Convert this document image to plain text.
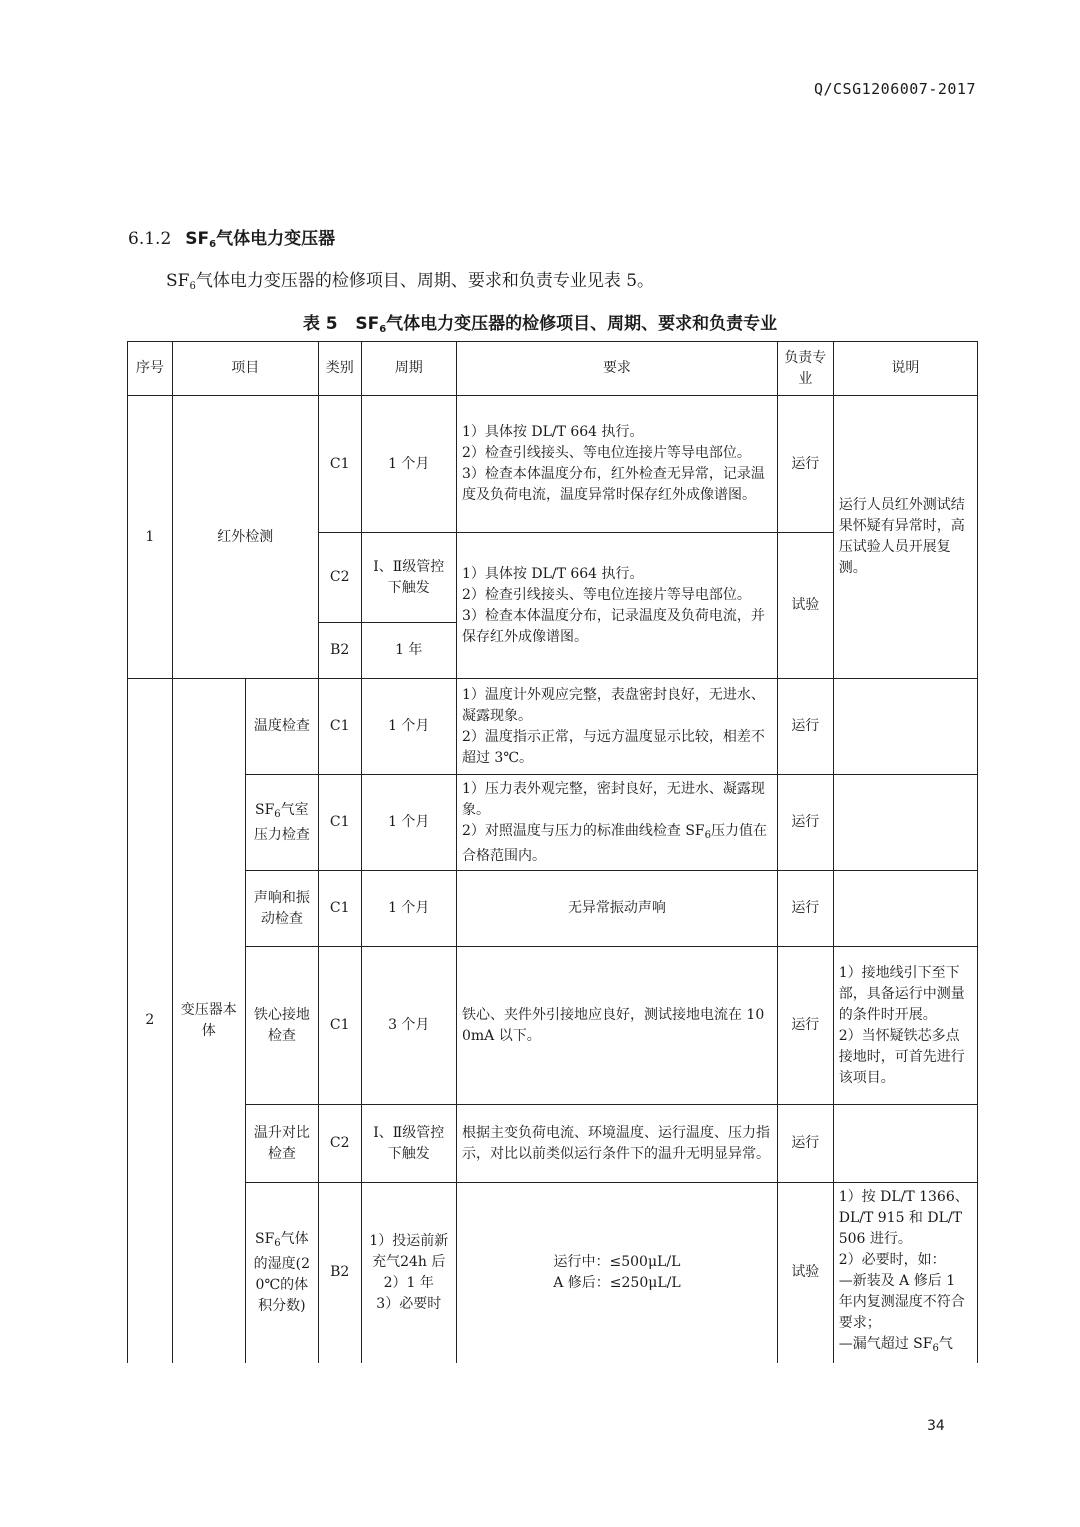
Q/CSG1206007-2017
6.1.2 $SF_6$气体电力变压器
$SF_6$气体电力变压器的检修项目、周期、要求和负责专业见表 5。
表 5 $SF_6$气体电力变压器的检修项目、周期、要求和负责专业
序号	项目		类别	周期	要求	负责专业	说明
1	红外检测		C1	1 个月	1）具体按 DL/T 664 执行。
2）检查引线接头、等电位连接片等导电部位。
3）检查本体温度分布，红外检查无异常，记录温度及负荷电流，温度异常时保存红外成像谱图。	运行	运行人员红外测试结果怀疑有异常时，高压试验人员开展复测。
			C2	Ⅰ、Ⅱ级管控下触发	1）具体按 DL/T 664 执行。
2）检查引线接头、等电位连接片等导电部位。
3）检查本体温度分布，记录温度及负荷电流，并保存红外成像谱图。	试验	
			B2	1 年			
2	变压器本体	温度检查	C1	1 个月	1）温度计外观应完整，表盘密封良好，无进水、凝露现象。
2）温度指示正常，与远方温度显示比较，相差不超过 3℃。	运行	
		$SF_6$气室压力检查	C1	1 个月	1）压力表外观完整，密封良好，无进水、凝露现象。
2）对照温度与压力的标准曲线检查 $SF_6$压力值在合格范围内。	运行	
		声响和振动检查	C1	1 个月	无异常振动声响	运行	
		铁心接地检查	C1	3 个月	铁心、夹件外引接地应良好，测试接地电流在 100mA 以下。	运行	1）接地线引下至下部，具备运行中测量的条件时开展。
2）当怀疑铁芯多点接地时，可首先进行该项目。

		温升对比检查	C2	Ⅰ、Ⅱ级管控下触发	根据主变负荷电流、环境温度、运行温度、压力指示，对比以前类似运行条件下的温升无明显异常。	运行	
		$SF_6$气体的湿度(20℃的体积分数)	B2	1）投运前新充气24h 后
2）1 年
3）必要时	运行中：≤500μL/L
A 修后：≤250μL/L	试验	1）按 DL/T 1366、DL/T 915 和 DL/T 506 进行。
2）必要时，如：
—新装及 A 修后 1 年内复测湿度不符合要求；
—漏气超过 $SF_6$气
34
